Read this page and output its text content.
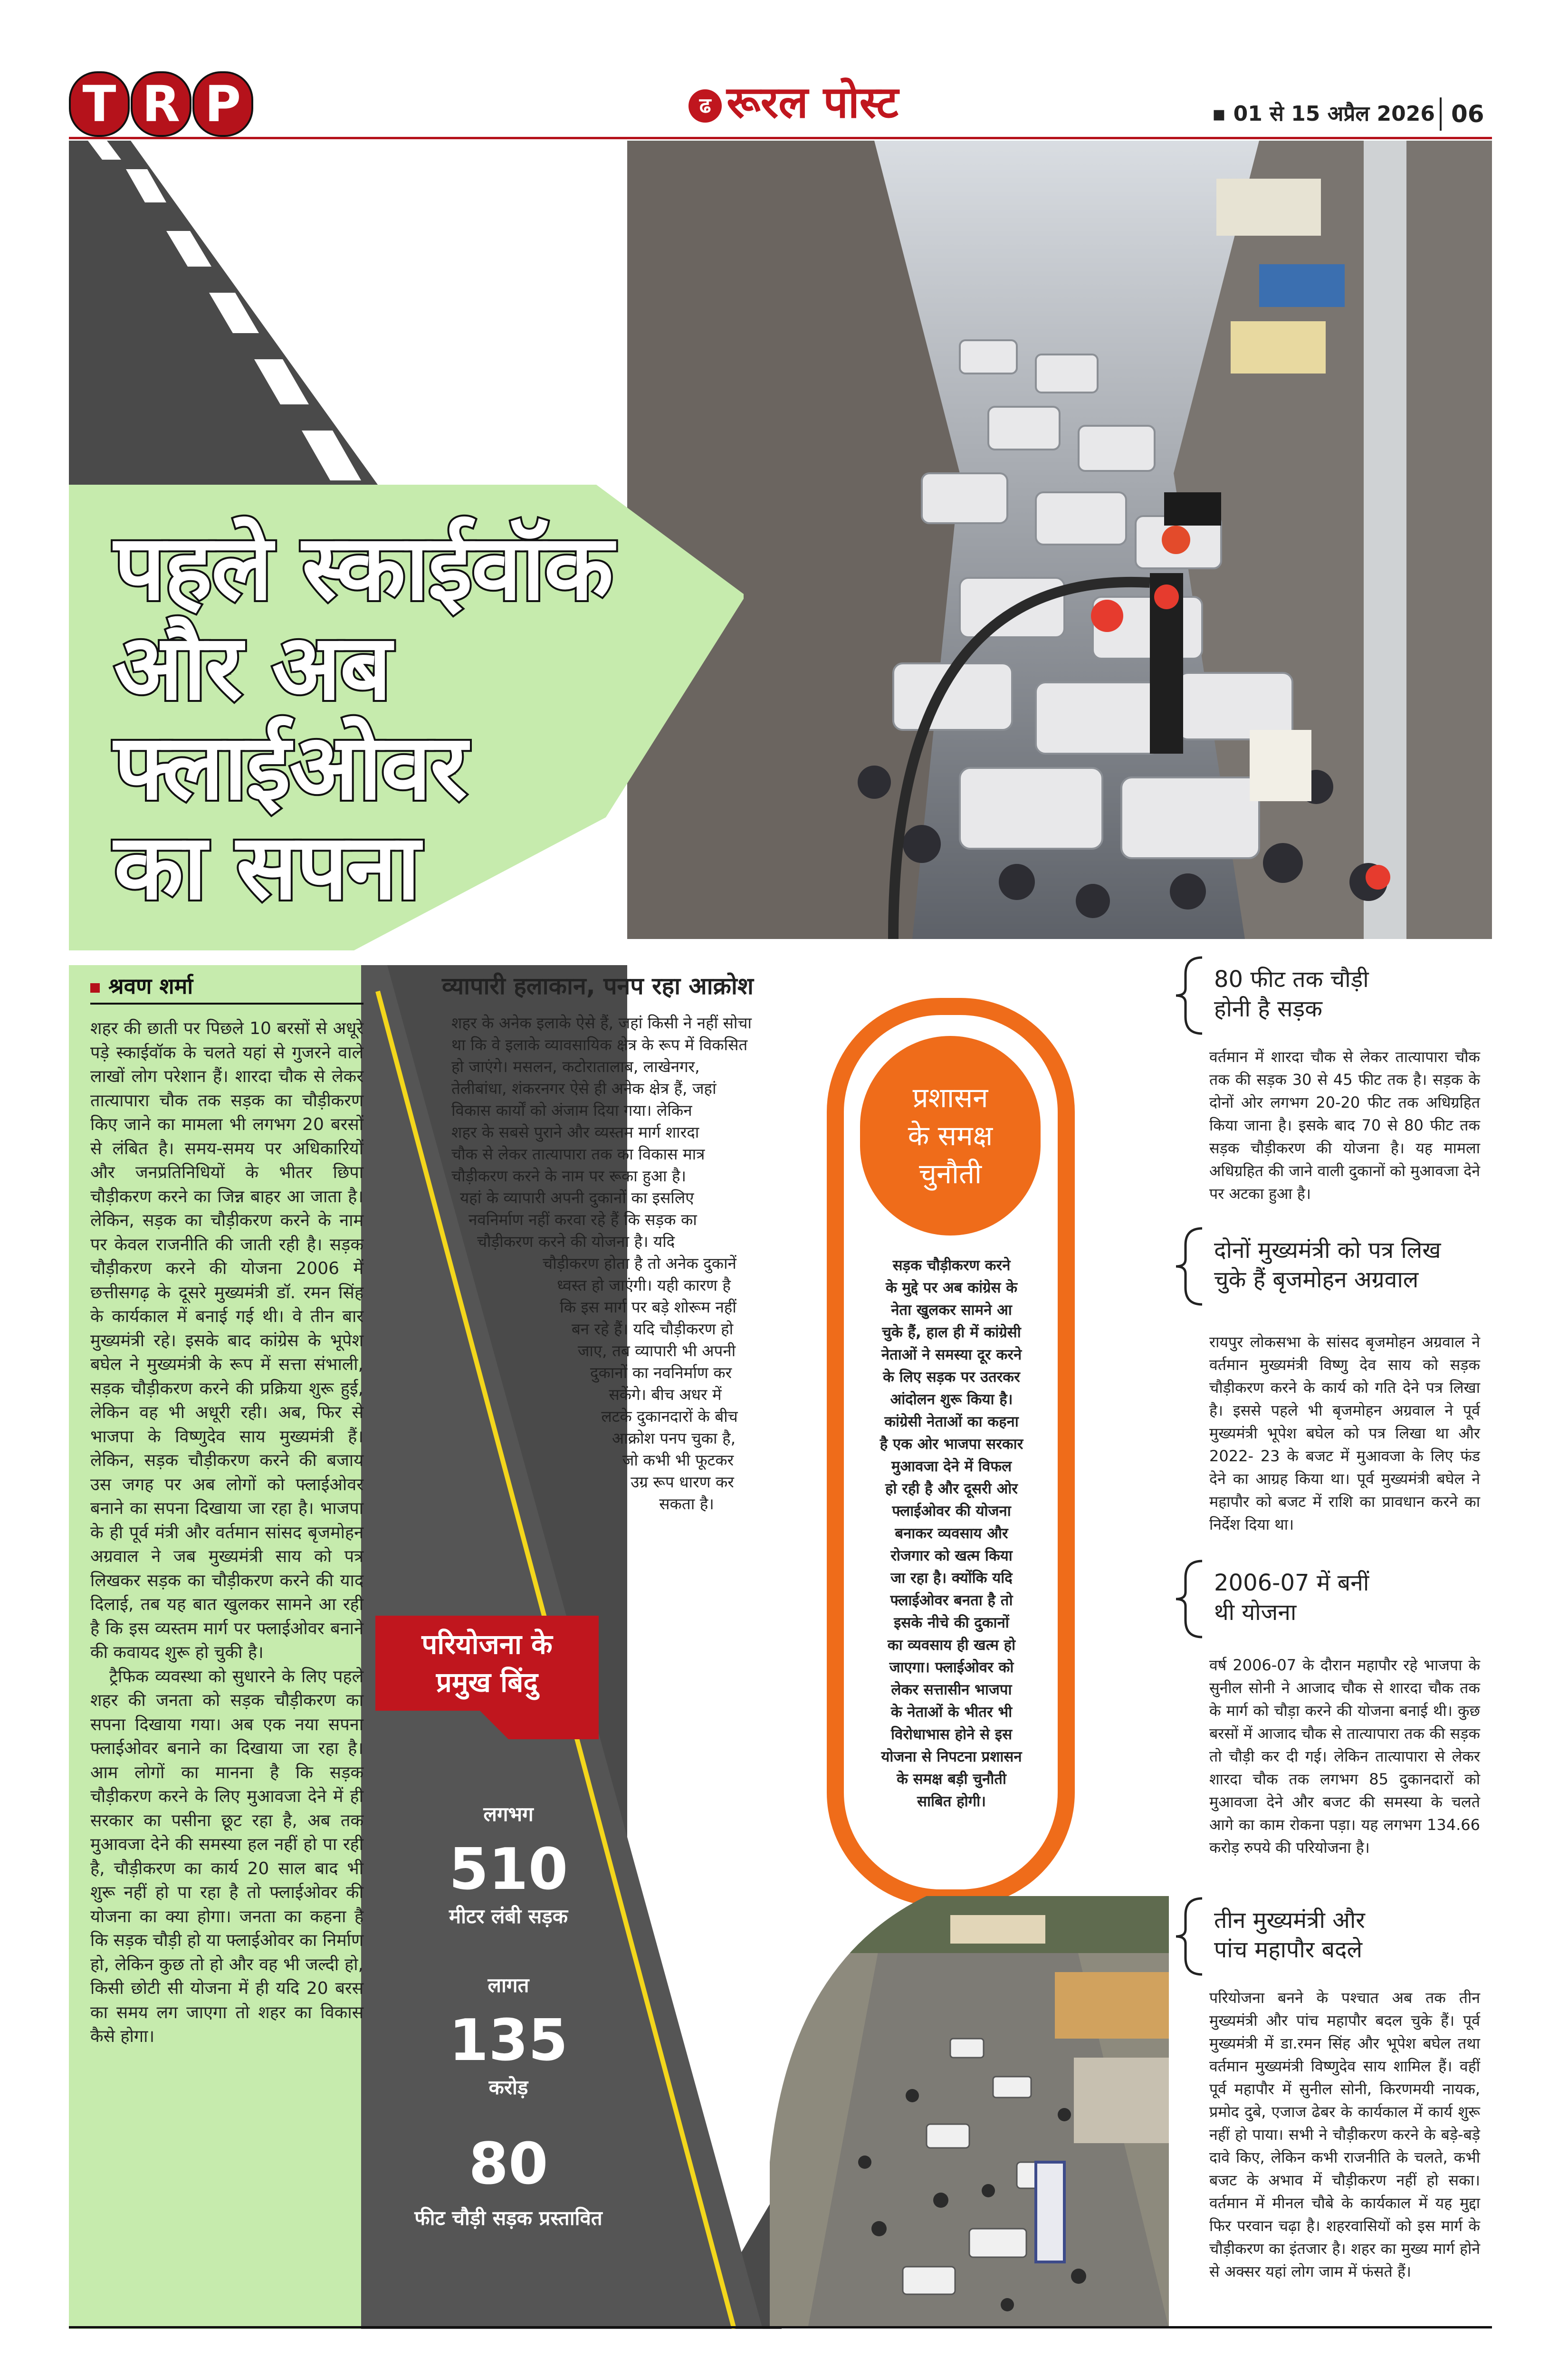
T R P	ढ रूरल पोस्ट	▪ 01 से 15 अप्रैल 2026 06
पहले स्काईवॉक
और अब
फ्लाईओवर
का सपना
श्रवण शर्मा

शहर की छाती पर पिछले 10 बरसों से अधूरे पड़े स्काईवॉक के चलते यहां से गुजरने वाले लाखों लोग परेशान हैं। शारदा चौक से लेकर तात्यापारा चौक तक सड़क का चौड़ीकरण किए जाने का मामला भी लगभग 20 बरसों से लंबित है। समय-समय पर अधिकारियों और जनप्रतिनिधियों के भीतर छिपा चौड़ीकरण करने का जिन्न बाहर आ जाता है। लेकिन, सड़क का चौड़ीकरण करने के नाम पर केवल राजनीति की जाती रही है। सड़क चौड़ीकरण करने की योजना 2006 में छत्तीसगढ़ के दूसरे मुख्यमंत्री डॉ. रमन सिंह के कार्यकाल में बनाई गई थी। वे तीन बार मुख्यमंत्री रहे। इसके बाद कांग्रेस के भूपेश बघेल ने मुख्यमंत्री के रूप में सत्ता संभाली, सड़क चौड़ीकरण करने की प्रक्रिया शुरू हुई, लेकिन वह भी अधूरी रही। अब, फिर से भाजपा के विष्णुदेव साय मुख्यमंत्री हैं। लेकिन, सड़क चौड़ीकरण करने की बजाय उस जगह पर अब लोगों को फ्लाईओवर बनाने का सपना दिखाया जा रहा है। भाजपा के ही पूर्व मंत्री और वर्तमान सांसद बृजमोहन अग्रवाल ने जब मुख्यमंत्री साय को पत्र लिखकर सड़क का चौड़ीकरण करने की याद दिलाई, तब यह बात खुलकर सामने आ रही है कि इस व्यस्तम मार्ग पर फ्लाईओवर बनाने की कवायद शुरू हो चुकी है।

ट्रैफिक व्यवस्था को सुधारने के लिए पहले शहर की जनता को सड़क चौड़ीकरण का सपना दिखाया गया। अब एक नया सपना फ्लाईओवर बनाने का दिखाया जा रहा है। आम लोगों का मानना है कि सड़क चौड़ीकरण करने के लिए मुआवजा देने में ही सरकार का पसीना छूट रहा है, अब तक मुआवजा देने की समस्या हल नहीं हो पा रही है, चौड़ीकरण का कार्य 20 साल बाद भी शुरू नहीं हो पा रहा है तो फ्लाईओवर की योजना का क्या होगा। जनता का कहना है कि सड़क चौड़ी हो या फ्लाईओवर का निर्माण हो, लेकिन कुछ तो हो और वह भी जल्दी हो, किसी छोटी सी योजना में ही यदि 20 बरस का समय लग जाएगा तो शहर का विकास कैसे होगा।

व्यापारी हलाकान, पनप रहा आक्रोश
शहर के अनेक इलाके ऐसे हैं, जहां किसी ने नहीं सोचा
था कि वे इलाके व्यावसायिक क्षेत्र के रूप में विकसित
हो जाएंगे। मसलन, कटोरातालाब, लाखेनगर,
तेलीबांधा, शंकरनगर ऐसे ही अनेक क्षेत्र हैं, जहां
विकास कार्यों को अंजाम दिया गया। लेकिन
शहर के सबसे पुराने और व्यस्तम मार्ग शारदा
चौक से लेकर तात्यापारा तक का विकास मात्र
चौड़ीकरण करने के नाम पर रूका हुआ है।
यहां के व्यापारी अपनी दुकानों का इसलिए
नवनिर्माण नहीं करवा रहे हैं कि सड़क का
चौड़ीकरण करने की योजना है। यदि
चौड़ीकरण होता है तो अनेक दुकानें
ध्वस्त हो जाएंगी। यही कारण है
कि इस मार्ग पर बड़े शोरूम नहीं
बन रहे हैं। यदि चौड़ीकरण हो
जाए, तब व्यापारी भी अपनी
दुकानों का नवनिर्माण कर
सकेंगे। बीच अधर में
लटके दुकानदारों के बीच
आक्रोश पनप चुका है,
जो कभी भी फूटकर
उग्र रूप धारण कर
सकता है।
परियोजना के
प्रमुख बिंदु
लगभग
510
मीटर लंबी सड़क
लागत
135
करोड़
80
फीट चौड़ी सड़क प्रस्तावित
प्रशासन
के समक्ष
चुनौती
सड़क चौड़ीकरण करने
के मुद्दे पर अब कांग्रेस के
नेता खुलकर सामने आ
चुके हैं, हाल ही में कांग्रेसी
नेताओं ने समस्या दूर करने
के लिए सड़क पर उतरकर
आंदोलन शुरू किया है।
कांग्रेसी नेताओं का कहना
है एक ओर भाजपा सरकार
मुआवजा देने में विफल
हो रही है और दूसरी ओर
फ्लाईओवर की योजना
बनाकर व्यवसाय और
रोजगार को खत्म किया
जा रहा है। क्योंकि यदि
फ्लाईओवर बनता है तो
इसके नीचे की दुकानों
का व्यवसाय ही खत्म हो
जाएगा। फ्लाईओवर को
लेकर सत्तासीन भाजपा
के नेताओं के भीतर भी
विरोधाभास होने से इस
योजना से निपटना प्रशासन
के समक्ष बड़ी चुनौती
साबित होगी।
80 फीट तक चौड़ी
होनी है सड़क
वर्तमान में शारदा चौक से लेकर तात्यापारा चौक तक की सड़क 30 से 45 फीट तक है। सड़क के दोनों ओर लगभग 20-20 फीट तक अधिग्रहित किया जाना है। इसके बाद 70 से 80 फीट तक सड़क चौड़ीकरण की योजना है। यह मामला अधिग्रहित की जाने वाली दुकानों को मुआवजा देने पर अटका हुआ है।
दोनों मुख्यमंत्री को पत्र लिख
चुके हैं बृजमोहन अग्रवाल
रायपुर लोकसभा के सांसद बृजमोहन अग्रवाल ने वर्तमान मुख्यमंत्री विष्णु देव साय को सड़क चौड़ीकरण करने के कार्य को गति देने पत्र लिखा है। इससे पहले भी बृजमोहन अग्रवाल ने पूर्व मुख्यमंत्री भूपेश बघेल को पत्र लिखा था और 2022- 23 के बजट में मुआवजा के लिए फंड देने का आग्रह किया था। पूर्व मुख्यमंत्री बघेल ने महापौर को बजट में राशि का प्रावधान करने का निर्देश दिया था।
2006-07 में बनीं
थी योजना
वर्ष 2006-07 के दौरान महापौर रहे भाजपा के सुनील सोनी ने आजाद चौक से शारदा चौक तक के मार्ग को चौड़ा करने की योजना बनाई थी। कुछ बरसों में आजाद चौक से तात्यापारा तक की सड़क तो चौड़ी कर दी गई। लेकिन तात्यापारा से लेकर शारदा चौक तक लगभग 85 दुकानदारों को मुआवजा देने और बजट की समस्या के चलते आगे का काम रोकना पड़ा। यह लगभग 134.66 करोड़ रुपये की परियोजना है।
तीन मुख्यमंत्री और
पांच महापौर बदले
परियोजना बनने के पश्चात अब तक तीन मुख्यमंत्री और पांच महापौर बदल चुके हैं। पूर्व मुख्यमंत्री में डा.रमन सिंह और भूपेश बघेल तथा वर्तमान मुख्यमंत्री विष्णुदेव साय शामिल हैं। वहीं पूर्व महापौर में सुनील सोनी, किरणमयी नायक, प्रमोद दुबे, एजाज ढेबर के कार्यकाल में कार्य शुरू नहीं हो पाया। सभी ने चौड़ीकरण करने के बड़े-बड़े दावे किए, लेकिन कभी राजनीति के चलते, कभी बजट के अभाव में चौड़ीकरण नहीं हो सका। वर्तमान में मीनल चौबे के कार्यकाल में यह मुद्दा फिर परवान चढ़ा है। शहरवासियों को इस मार्ग के चौड़ीकरण का इंतजार है। शहर का मुख्य मार्ग होने से अक्सर यहां लोग जाम में फंसते हैं।
